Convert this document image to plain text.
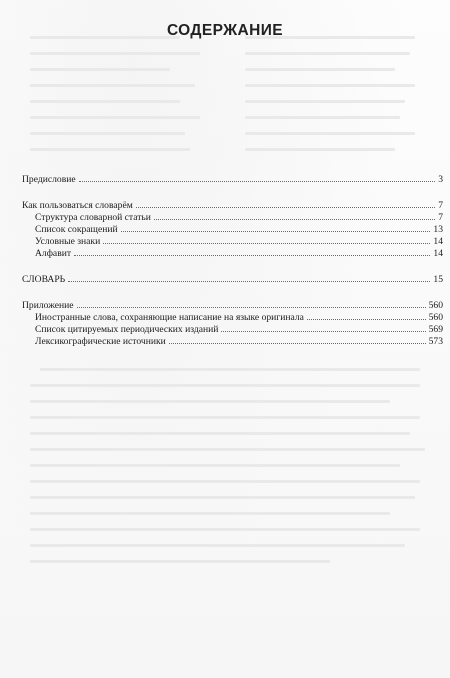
СОДЕРЖАНИЕ
Предисловие	3
Как пользоваться словарём	7
Структура словарной статьи	7
Список сокращений	13
Условные знаки	14
Алфавит	14
СЛОВАРЬ	15
Приложение	560
Иностранные слова, сохраняющие написание на языке оригинала	560
Список цитируемых периодических изданий	569
Лексикографические источники	573
